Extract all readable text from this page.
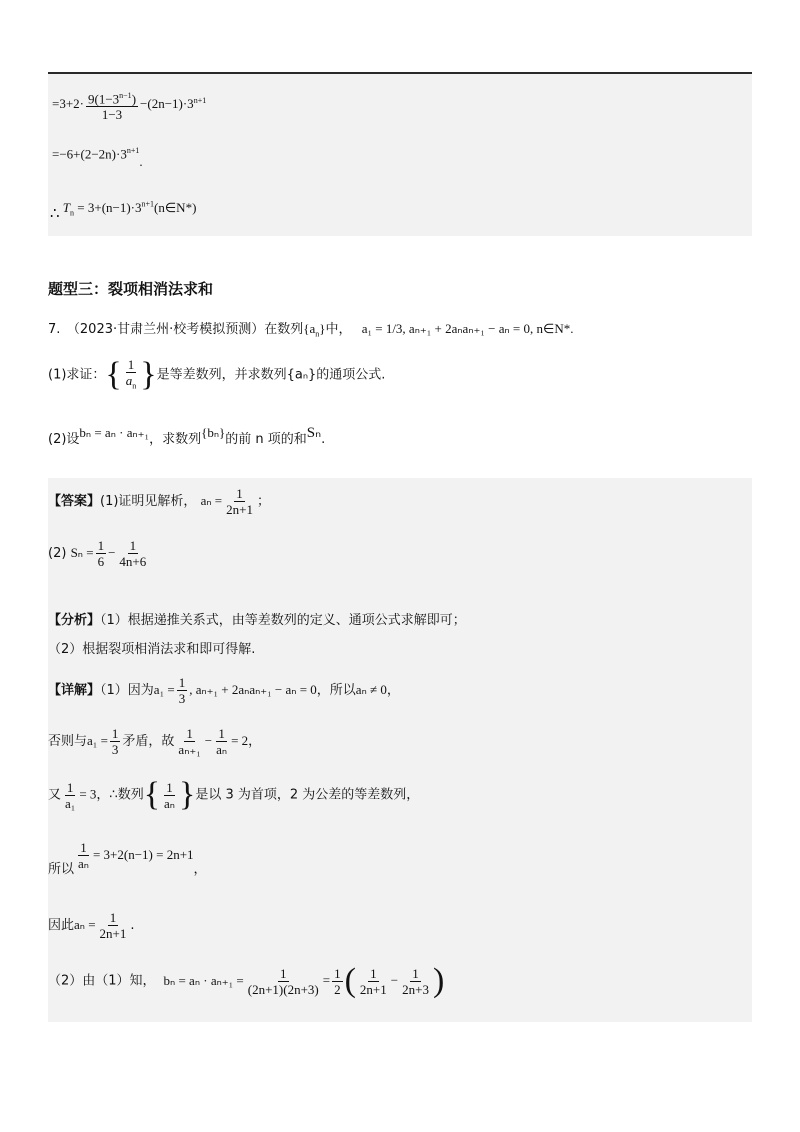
$=3+2\cdot \frac{9(1-3^{n-1})}{1-3} -(2n-1)\cdot 3^{n+1}$
$=-6+(2-2n)\cdot 3^{n+1}$.
∴ $T_n$ = $3+(n-1)\cdot 3^{n+1}(n\in N*)$
题型三：裂项相消法求和
7.　（2023·甘肃兰州·校考模拟预测）在数列$\{a_n\}$中， a₁ = 1/3, aₙ₊₁ + 2aₙaₙ₊₁ − aₙ = 0, n∈N*.
(1)求证：{ $\frac{1}{a_n}$ }是等差数列，并求数列{aₙ}的通项公式.
(2)设bₙ = aₙ · aₙ₊₁，求数列{bₙ}的前 n 项的和Sₙ.
【答案】(1)证明见解析， $a_n = \frac{1}{2n+1}$ ；
(2) $S_n = \frac{1}{6} - \frac{1}{4n+6}$
【分析】（1）根据递推关系式，由等差数列的定义、通项公式求解即可；
（2）根据裂项相消法求和即可得解.
【详解】（1）因为$a_1 = \frac{1}{3}$ , aₙ₊₁ + 2aₙaₙ₊₁ − aₙ = 0，所以aₙ ≠ 0，
否则与$a_1 = \frac{1}{3}$ 矛盾，故 $\frac{1}{\text{aₙ₊₁}} - \frac{1}{\text{aₙ}} = 2$，
又 $\frac{1}{\text{a₁}} = 3$，∴数列{ $\frac{1}{\text{aₙ}}$ }是以 3 为首项，2 为公差的等差数列，
所以 $\frac{1}{\text{aₙ}} = 3+2(n-1) = 2n+1$，
因此$a_n = \frac{1}{2n+1}$ .
（2）由（1）知， $b_n = a_n \cdot a_{n+1} = \frac{1}{(2n+1)(2n+3)} = \frac{1}{2}$ ( $\frac{1}{2n+1} - \frac{1}{2n+3}$ )
